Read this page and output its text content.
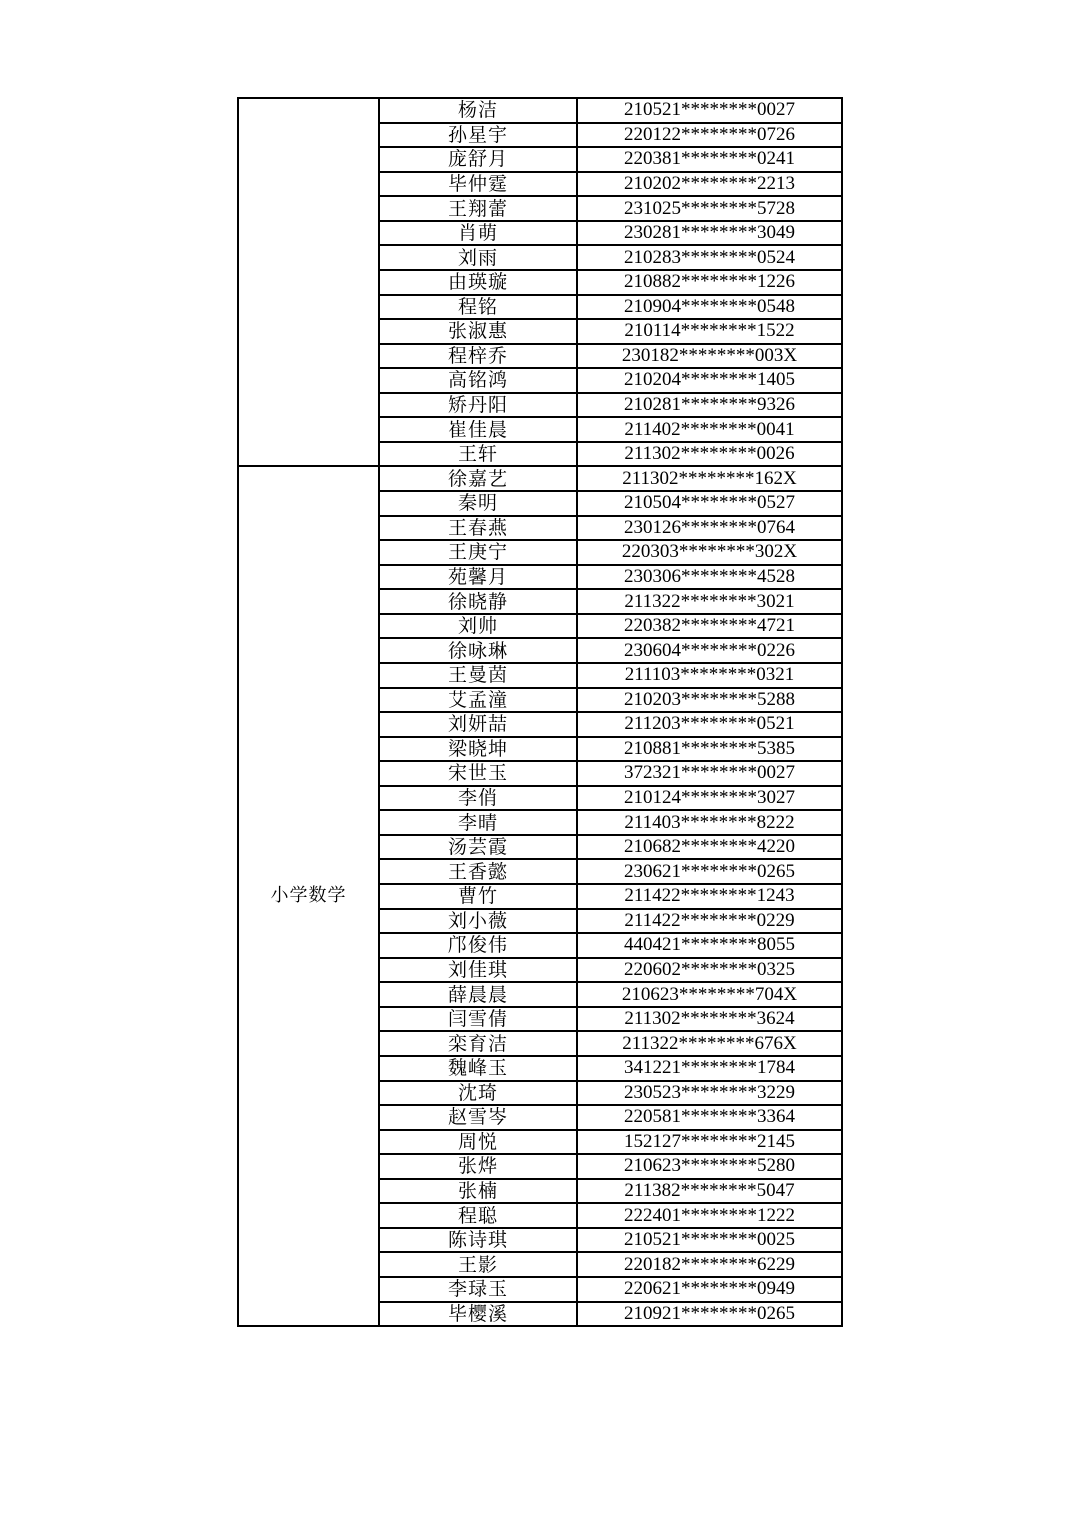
	杨洁	210521********0027
	孙星宇	220122********0726
	庞舒月	220381********0241
	毕仲霆	210202********2213
	王翔蕾	231025********5728
	肖萌	230281********3049
	刘雨	210283********0524
	由瑛璇	210882********1226
	程铭	210904********0548
	张淑惠	210114********1522
	程梓乔	230182********003X
	高铭鸿	210204********1405
	矫丹阳	210281********9326
	崔佳晨	211402********0041
	王轩	211302********0026
小学数学	徐嘉艺	211302********162X
	秦明	210504********0527
	王春燕	230126********0764
	王庚宁	220303********302X
	苑馨月	230306********4528
	徐晓静	211322********3021
	刘帅	220382********4721
	徐咏琳	230604********0226
	王曼茵	211103********0321
	艾孟潼	210203********5288
	刘妍喆	211203********0521
	梁晓坤	210881********5385
	宋世玉	372321********0027
	李俏	210124********3027
	李晴	211403********8222
	汤芸霞	210682********4220
	王香懿	230621********0265
	曹竹	211422********1243
	刘小薇	211422********0229
	邝俊伟	440421********8055
	刘佳琪	220602********0325
	薛晨晨	210623********704X
	闫雪倩	211302********3624
	栾育洁	211322********676X
	魏峰玉	341221********1784
	沈琦	230523********3229
	赵雪岑	220581********3364
	周悦	152127********2145
	张烨	210623********5280
	张楠	211382********5047
	程聪	222401********1222
	陈诗琪	210521********0025
	王影	220182********6229
	李琭玉	220621********0949
	毕樱溪	210921********0265
